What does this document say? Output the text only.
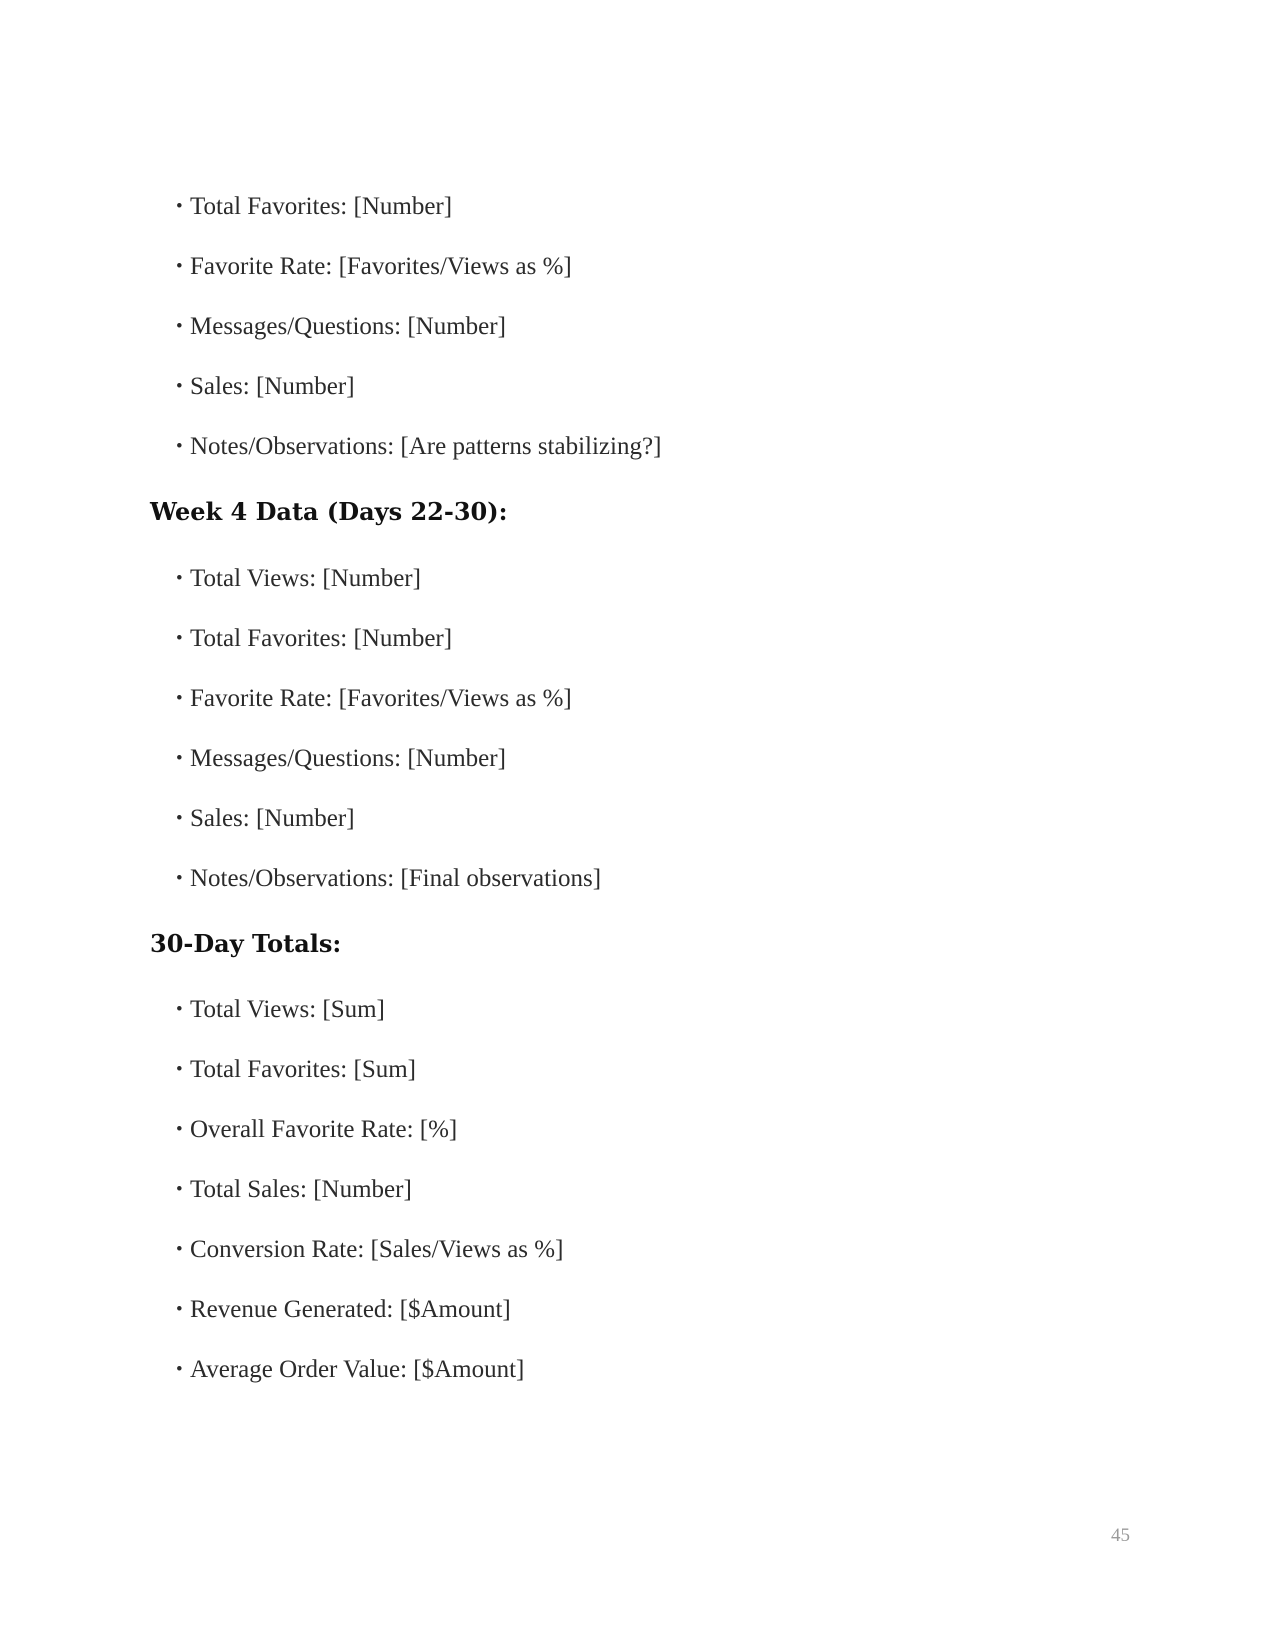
• Total Favorites: [Number]
• Favorite Rate: [Favorites/Views as %]
• Messages/Questions: [Number]
• Sales: [Number]
• Notes/Observations: [Are patterns stabilizing?]
Week 4 Data (Days 22-30):
• Total Views: [Number]
• Total Favorites: [Number]
• Favorite Rate: [Favorites/Views as %]
• Messages/Questions: [Number]
• Sales: [Number]
• Notes/Observations: [Final observations]
30-Day Totals:
• Total Views: [Sum]
• Total Favorites: [Sum]
• Overall Favorite Rate: [%]
• Total Sales: [Number]
• Conversion Rate: [Sales/Views as %]
• Revenue Generated: [$Amount]
• Average Order Value: [$Amount]
45
